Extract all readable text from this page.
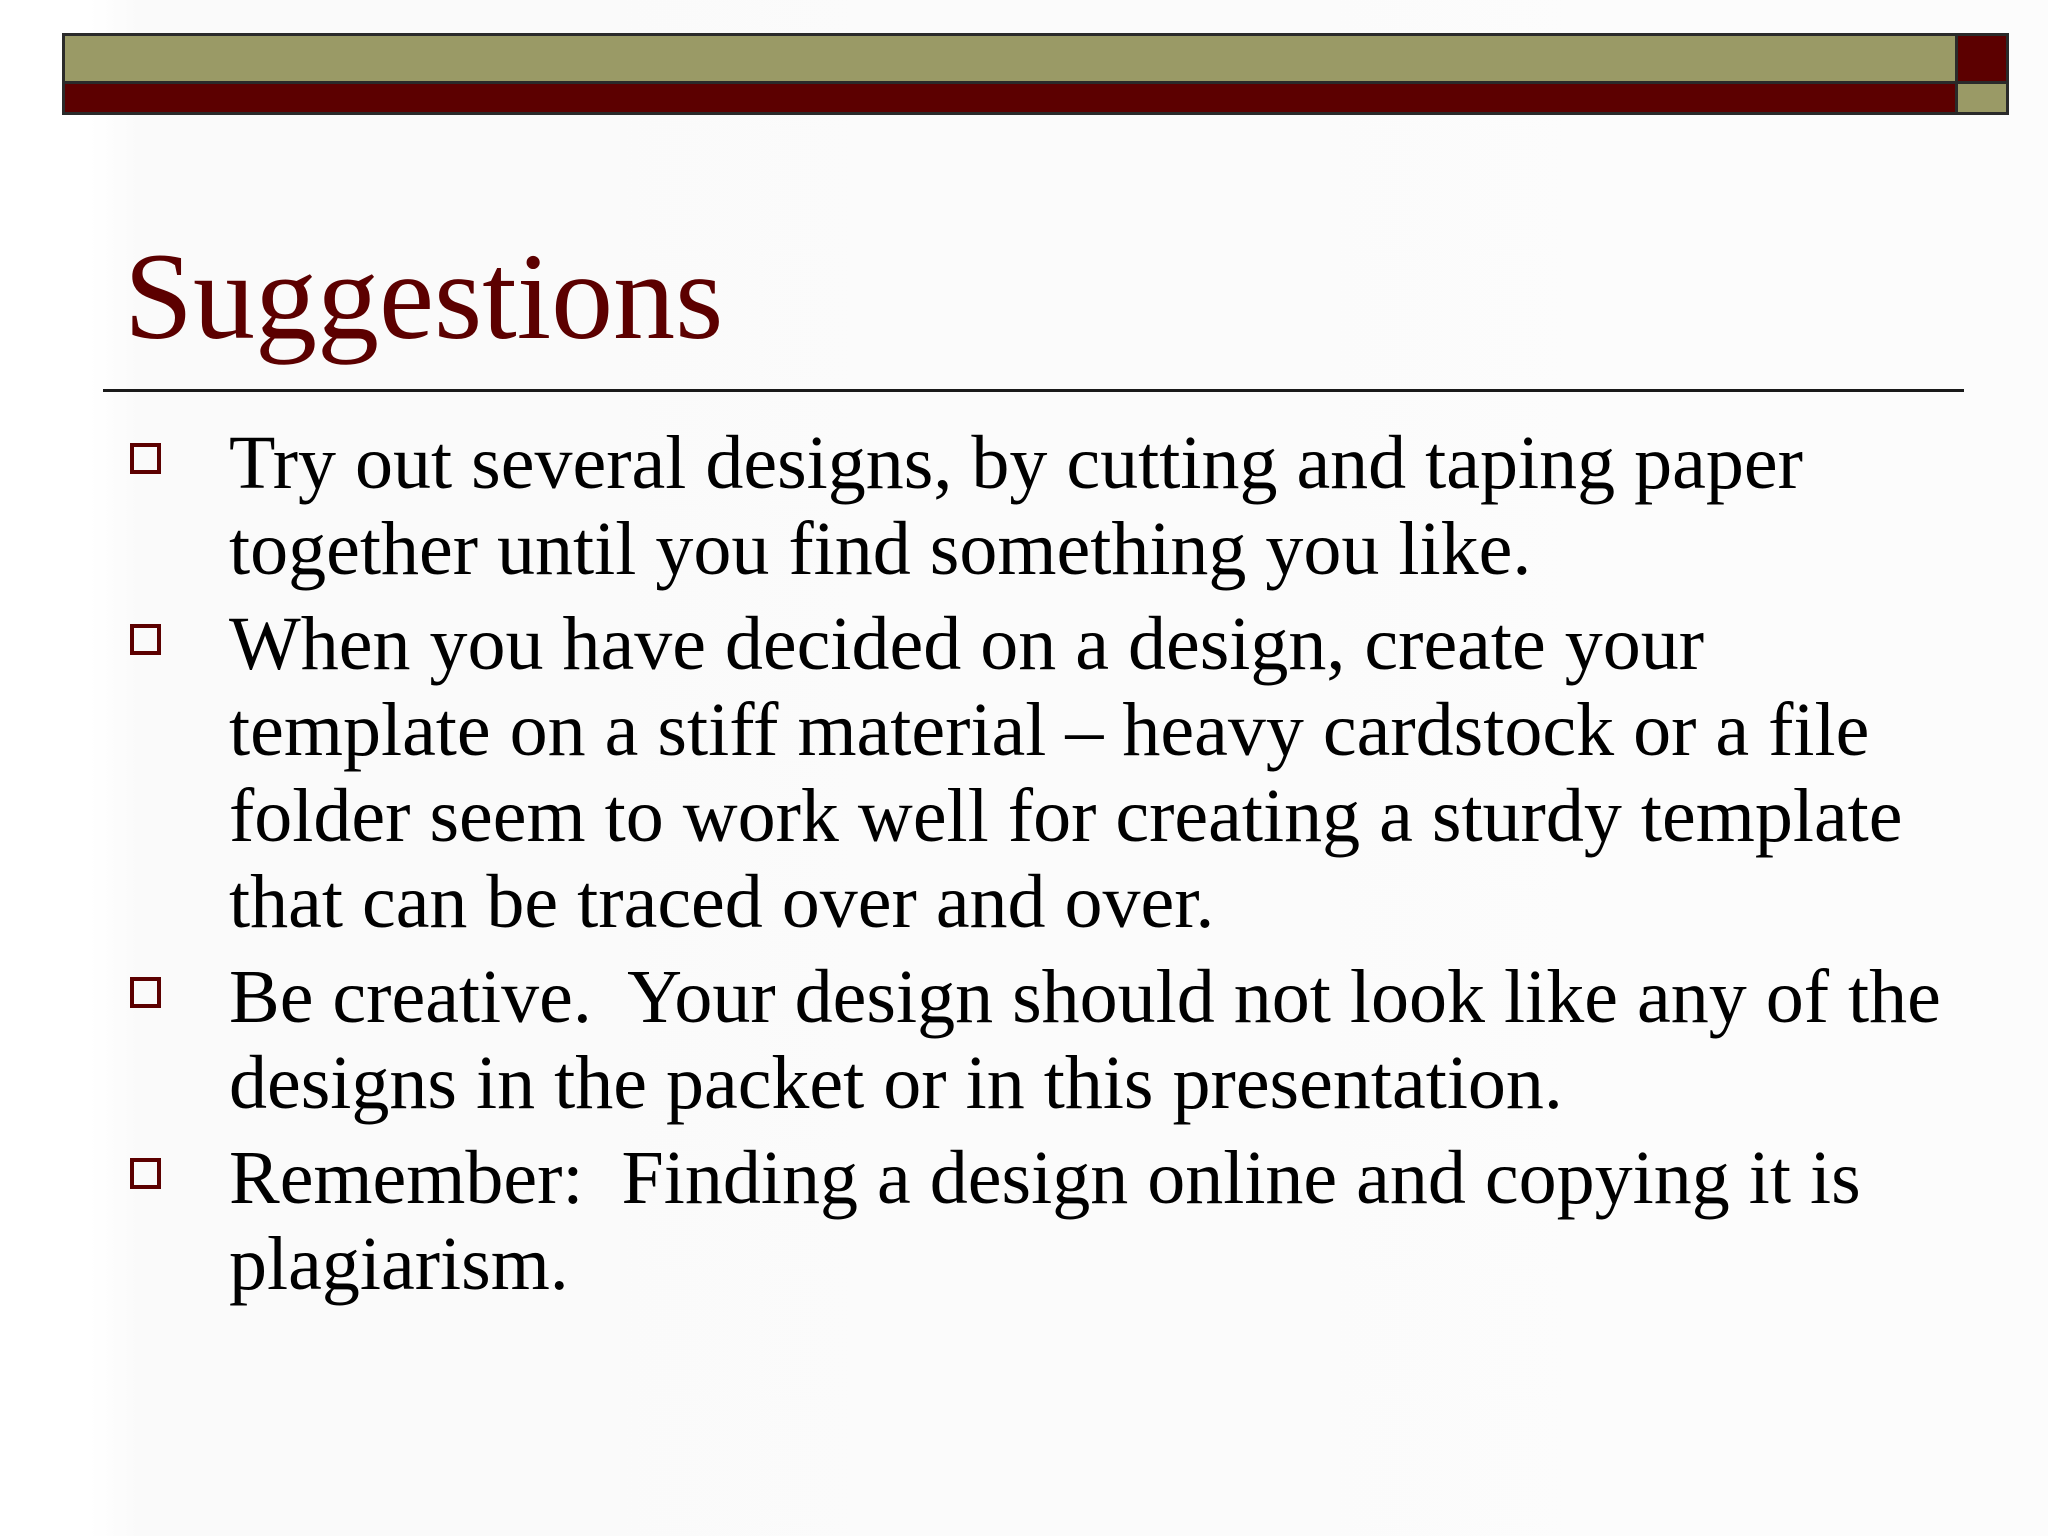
Suggestions
Try out several designs, by cutting and taping paper together until you find something you like.
When you have decided on a design, create your template on a stiff material – heavy cardstock or a file folder seem to work well for creating a sturdy template that can be traced over and over.
Be creative.  Your design should not look like any of the designs in the packet or in this presentation.
Remember:  Finding a design online and copying it is plagiarism.
